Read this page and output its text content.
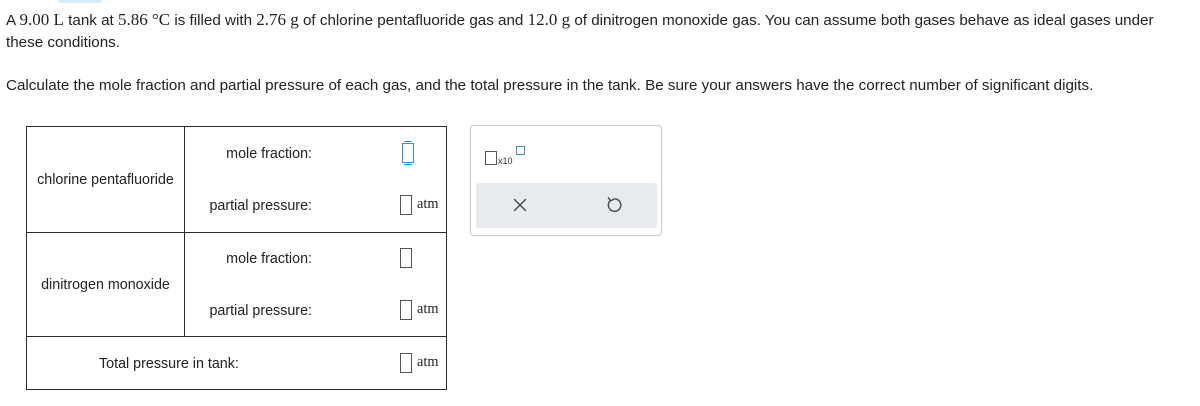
A 9.00 L tank at 5.86 °C is filled with 2.76 g of chlorine pentafluoride gas and 12.0 g of dinitrogen monoxide gas. You can assume both gases behave as ideal gases under these conditions.

Calculate the mole fraction and partial pressure of each gas, and the total pressure in the tank. Be sure your answers have the correct number of significant digits.

chlorine pentafluoride
mole fraction:
partial pressure:	atm
dinitrogen monoxide
mole fraction:
partial pressure:	atm
Total pressure in tank:	atm
x10
